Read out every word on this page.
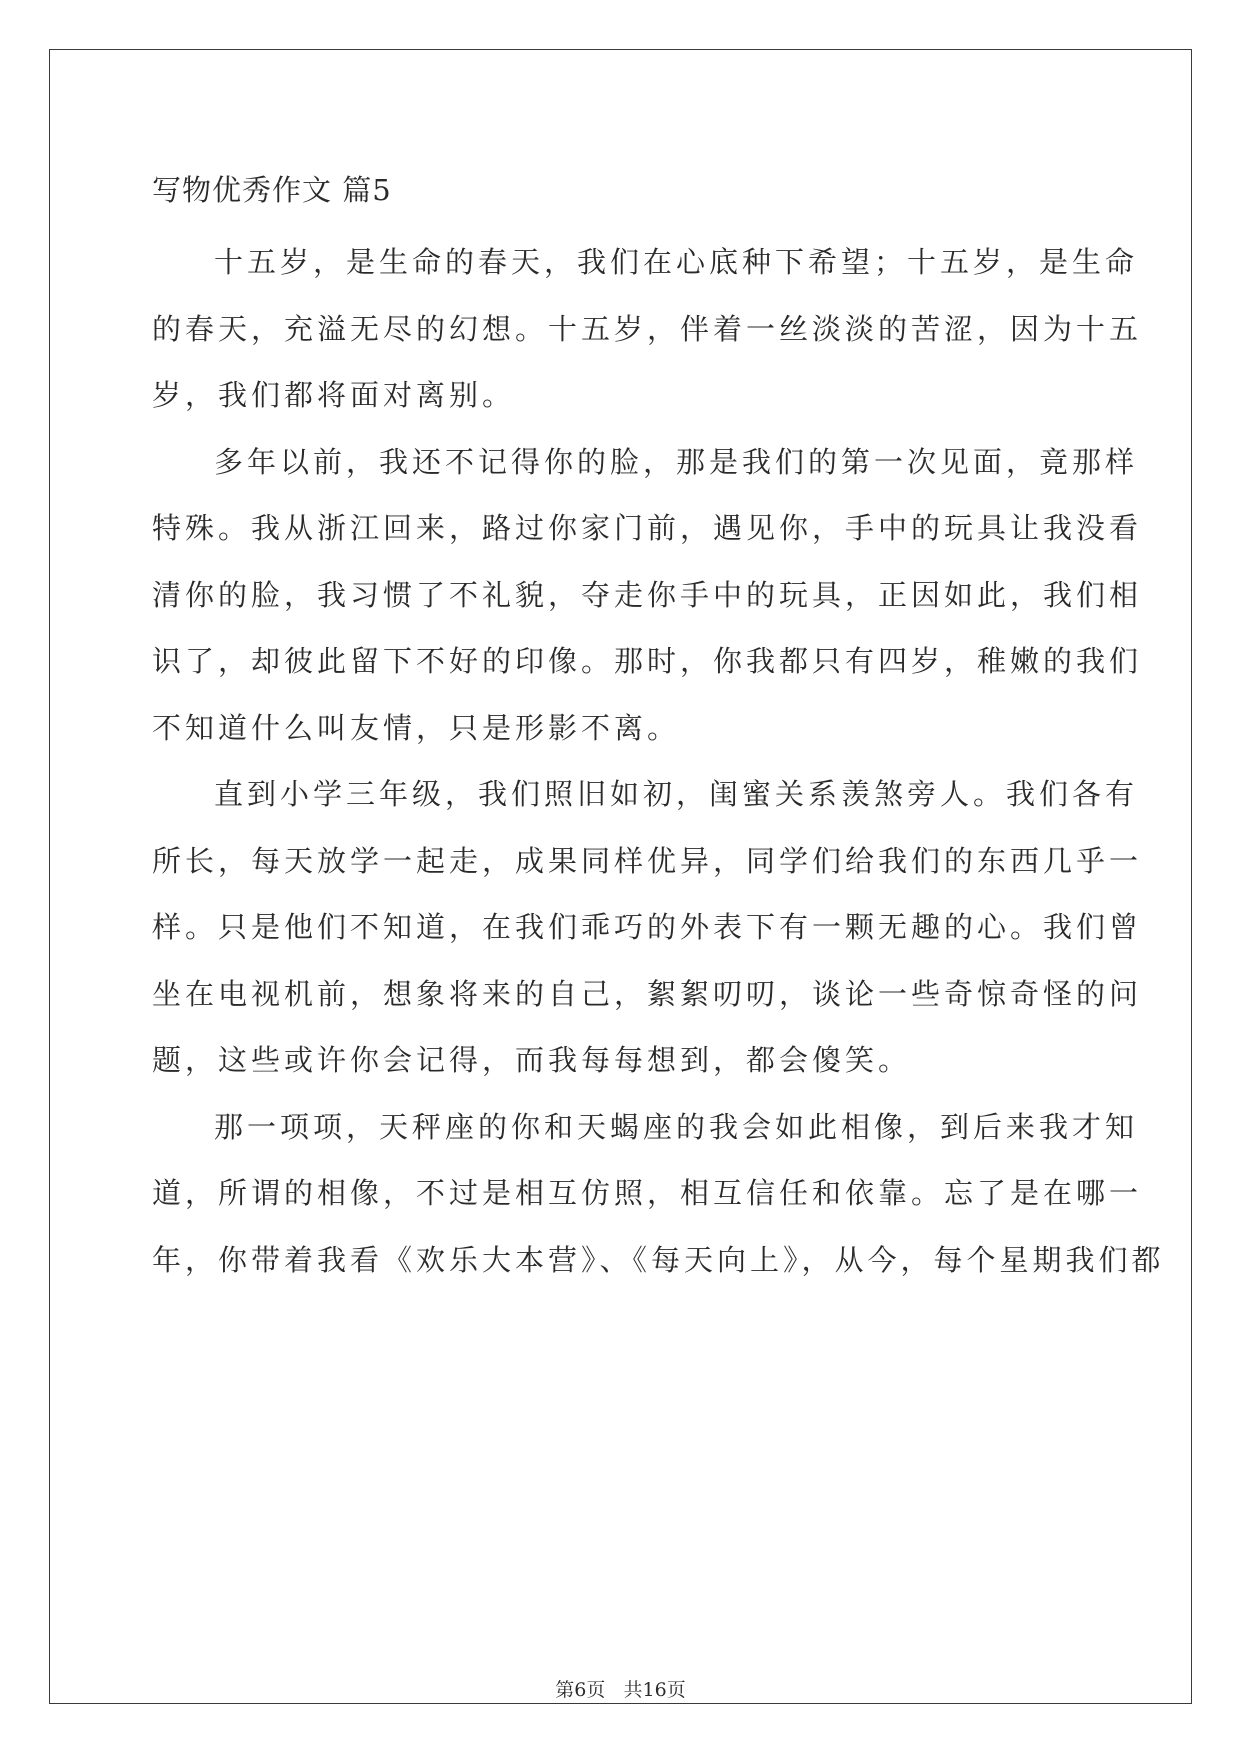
写物优秀作文 篇5
十五岁，是生命的春天，我们在心底种下希望；十五岁，是生命
的春天，充溢无尽的幻想。十五岁，伴着一丝淡淡的苦涩，因为十五
岁，我们都将面对离别。
多年以前，我还不记得你的脸，那是我们的第一次见面，竟那样
特殊。我从浙江回来，路过你家门前，遇见你，手中的玩具让我没看
清你的脸，我习惯了不礼貌，夺走你手中的玩具，正因如此，我们相
识了，却彼此留下不好的印像。那时，你我都只有四岁，稚嫩的我们
不知道什么叫友情，只是形影不离。
直到小学三年级，我们照旧如初，闺蜜关系羡煞旁人。我们各有
所长，每天放学一起走，成果同样优异，同学们给我们的东西几乎一
样。只是他们不知道，在我们乖巧的外表下有一颗无趣的心。我们曾
坐在电视机前，想象将来的自己，絮絮叨叨，谈论一些奇惊奇怪的问
题，这些或许你会记得，而我每每想到，都会傻笑。
那一项项，天秤座的你和天蝎座的我会如此相像，到后来我才知
道，所谓的相像，不过是相互仿照，相互信任和依靠。忘了是在哪一
年，你带着我看《欢乐大本营》、《每天向上》，从今，每个星期我们都
第6页 共16页
